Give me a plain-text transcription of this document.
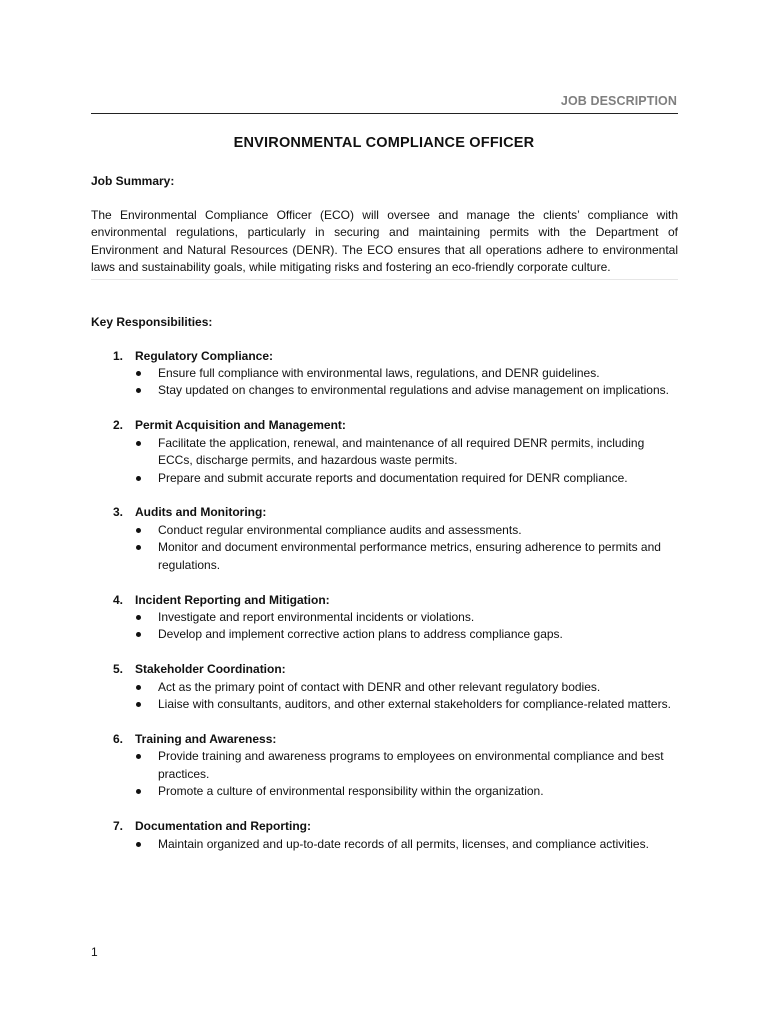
JOB DESCRIPTION
ENVIRONMENTAL COMPLIANCE OFFICER
Job Summary:

The Environmental Compliance Officer (ECO) will oversee and manage the clients’ compliance with environmental regulations, particularly in securing and maintaining permits with the Department of Environment and Natural Resources (DENR). The ECO ensures that all operations adhere to environmental laws and sustainability goals, while mitigating risks and fostering an eco-friendly corporate culture.

Key Responsibilities:
1. Regulatory Compliance:
Ensure full compliance with environmental laws, regulations, and DENR guidelines.
Stay updated on changes to environmental regulations and advise management on implications.
2. Permit Acquisition and Management:
Facilitate the application, renewal, and maintenance of all required DENR permits, including ECCs, discharge permits, and hazardous waste permits.
Prepare and submit accurate reports and documentation required for DENR compliance.
3. Audits and Monitoring:
Conduct regular environmental compliance audits and assessments.
Monitor and document environmental performance metrics, ensuring adherence to permits and regulations.
4. Incident Reporting and Mitigation:
Investigate and report environmental incidents or violations.
Develop and implement corrective action plans to address compliance gaps.
5. Stakeholder Coordination:
Act as the primary point of contact with DENR and other relevant regulatory bodies.
Liaise with consultants, auditors, and other external stakeholders for compliance-related matters.
6. Training and Awareness:
Provide training and awareness programs to employees on environmental compliance and best practices.
Promote a culture of environmental responsibility within the organization.
7. Documentation and Reporting:
Maintain organized and up-to-date records of all permits, licenses, and compliance activities.
1
